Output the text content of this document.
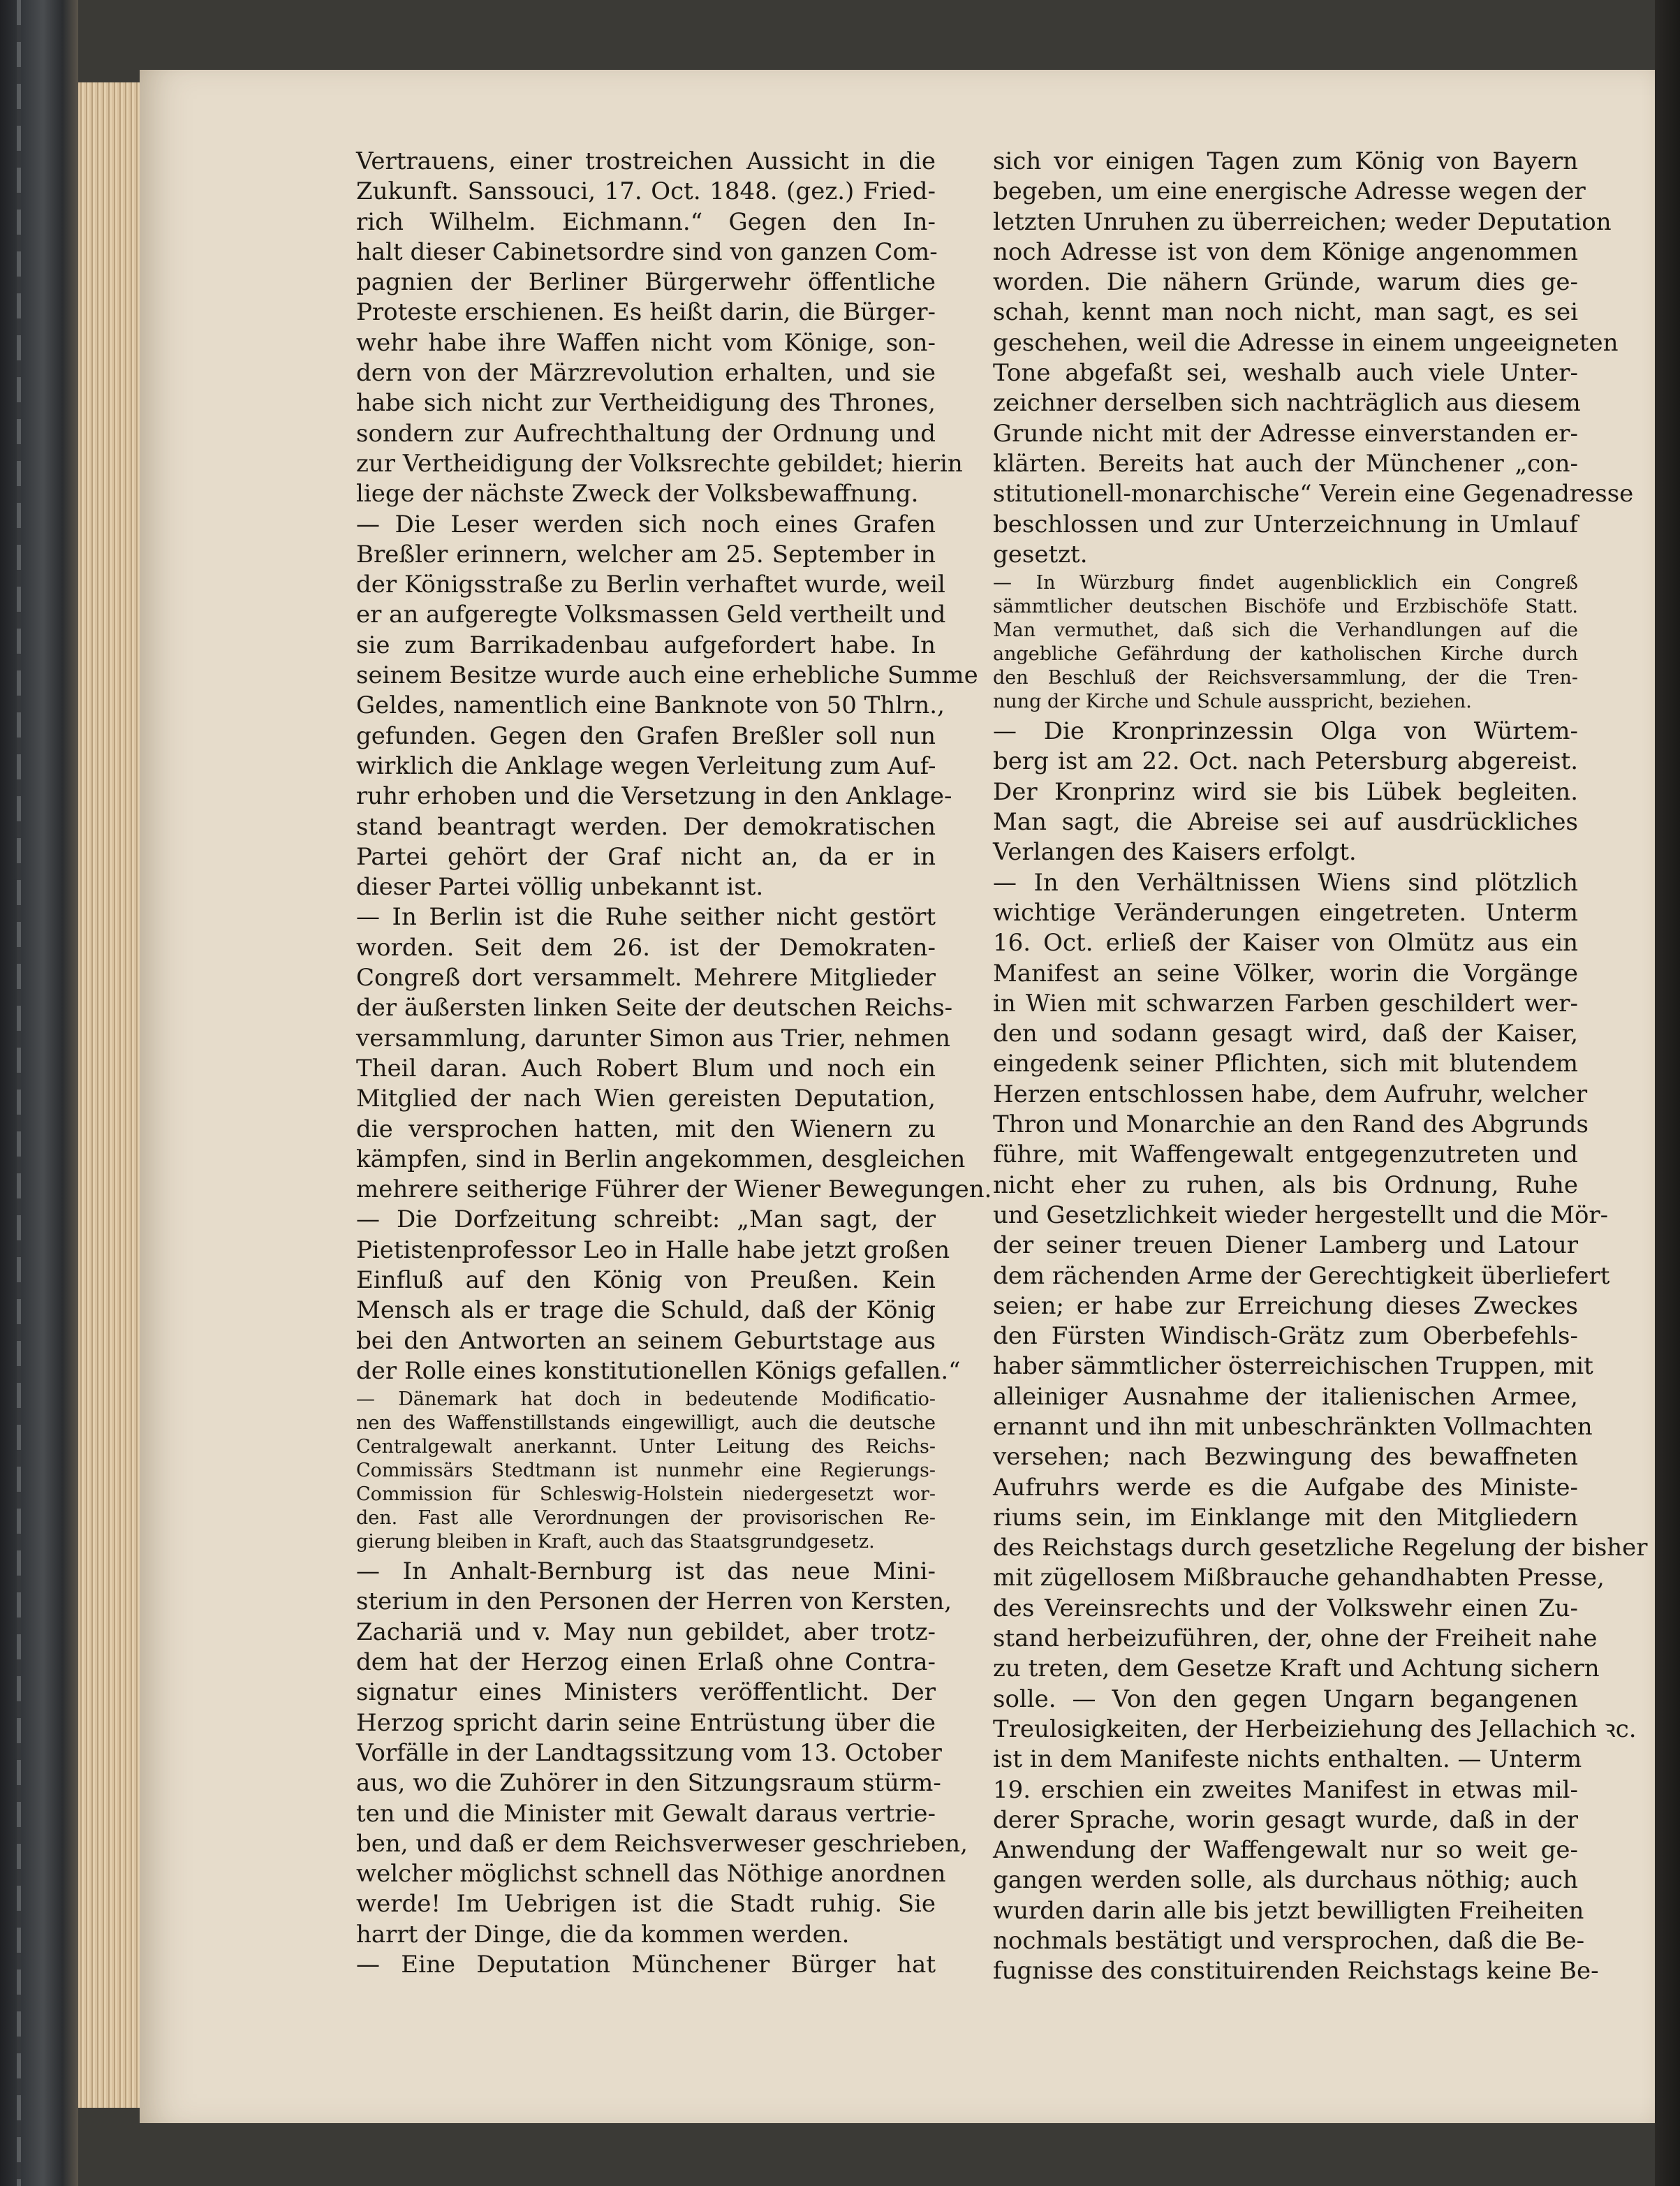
Vertrauens, einer trostreichen Aussicht in die
Zukunft. Sanssouci, 17. Oct. 1848. (gez.) Fried-
rich Wilhelm. Eichmann.“ Gegen den In-
halt dieser Cabinetsordre sind von ganzen Com-
pagnien der Berliner Bürgerwehr öffentliche
Proteste erschienen. Es heißt darin, die Bürger-
wehr habe ihre Waffen nicht vom Könige, son-
dern von der Märzrevolution erhalten, und sie
habe sich nicht zur Vertheidigung des Thrones,
sondern zur Aufrechthaltung der Ordnung und
zur Vertheidigung der Volksrechte gebildet; hierin
liege der nächste Zweck der Volksbewaffnung.
— Die Leser werden sich noch eines Grafen
Breßler erinnern, welcher am 25. September in
der Königsstraße zu Berlin verhaftet wurde, weil
er an aufgeregte Volksmassen Geld vertheilt und
sie zum Barrikadenbau aufgefordert habe. In
seinem Besitze wurde auch eine erhebliche Summe
Geldes, namentlich eine Banknote von 50 Thlrn.,
gefunden. Gegen den Grafen Breßler soll nun
wirklich die Anklage wegen Verleitung zum Auf-
ruhr erhoben und die Versetzung in den Anklage-
stand beantragt werden. Der demokratischen
Partei gehört der Graf nicht an, da er in
dieser Partei völlig unbekannt ist.
— In Berlin ist die Ruhe seither nicht gestört
worden. Seit dem 26. ist der Demokraten-
Congreß dort versammelt. Mehrere Mitglieder
der äußersten linken Seite der deutschen Reichs-
versammlung, darunter Simon aus Trier, nehmen
Theil daran. Auch Robert Blum und noch ein
Mitglied der nach Wien gereisten Deputation,
die versprochen hatten, mit den Wienern zu
kämpfen, sind in Berlin angekommen, desgleichen
mehrere seitherige Führer der Wiener Bewegungen.
— Die Dorfzeitung schreibt: „Man sagt, der
Pietistenprofessor Leo in Halle habe jetzt großen
Einfluß auf den König von Preußen. Kein
Mensch als er trage die Schuld, daß der König
bei den Antworten an seinem Geburtstage aus
der Rolle eines konstitutionellen Königs gefallen.“
— Dänemark hat doch in bedeutende Modificatio-
nen des Waffenstillstands eingewilligt, auch die deutsche
Centralgewalt anerkannt. Unter Leitung des Reichs-
Commissärs Stedtmann ist nunmehr eine Regierungs-
Commission für Schleswig-Holstein niedergesetzt wor-
den. Fast alle Verordnungen der provisorischen Re-
gierung bleiben in Kraft, auch das Staatsgrundgesetz.
— In Anhalt-Bernburg ist das neue Mini-
sterium in den Personen der Herren von Kersten,
Zachariä und v. May nun gebildet, aber trotz-
dem hat der Herzog einen Erlaß ohne Contra-
signatur eines Ministers veröffentlicht. Der
Herzog spricht darin seine Entrüstung über die
Vorfälle in der Landtagssitzung vom 13. October
aus, wo die Zuhörer in den Sitzungsraum stürm-
ten und die Minister mit Gewalt daraus vertrie-
ben, und daß er dem Reichsverweser geschrieben,
welcher möglichst schnell das Nöthige anordnen
werde! Im Uebrigen ist die Stadt ruhig. Sie
harrt der Dinge, die da kommen werden.
— Eine Deputation Münchener Bürger hat
sich vor einigen Tagen zum König von Bayern
begeben, um eine energische Adresse wegen der
letzten Unruhen zu überreichen; weder Deputation
noch Adresse ist von dem Könige angenommen
worden. Die nähern Gründe, warum dies ge-
schah, kennt man noch nicht, man sagt, es sei
geschehen, weil die Adresse in einem ungeeigneten
Tone abgefaßt sei, weshalb auch viele Unter-
zeichner derselben sich nachträglich aus diesem
Grunde nicht mit der Adresse einverstanden er-
klärten. Bereits hat auch der Münchener „con-
stitutionell-monarchische“ Verein eine Gegenadresse
beschlossen und zur Unterzeichnung in Umlauf
gesetzt.
— In Würzburg findet augenblicklich ein Congreß
sämmtlicher deutschen Bischöfe und Erzbischöfe Statt.
Man vermuthet, daß sich die Verhandlungen auf die
angebliche Gefährdung der katholischen Kirche durch
den Beschluß der Reichsversammlung, der die Tren-
nung der Kirche und Schule ausspricht, beziehen.
— Die Kronprinzessin Olga von Würtem-
berg ist am 22. Oct. nach Petersburg abgereist.
Der Kronprinz wird sie bis Lübek begleiten.
Man sagt, die Abreise sei auf ausdrückliches
Verlangen des Kaisers erfolgt.
— In den Verhältnissen Wiens sind plötzlich
wichtige Veränderungen eingetreten. Unterm
16. Oct. erließ der Kaiser von Olmütz aus ein
Manifest an seine Völker, worin die Vorgänge
in Wien mit schwarzen Farben geschildert wer-
den und sodann gesagt wird, daß der Kaiser,
eingedenk seiner Pflichten, sich mit blutendem
Herzen entschlossen habe, dem Aufruhr, welcher
Thron und Monarchie an den Rand des Abgrunds
führe, mit Waffengewalt entgegenzutreten und
nicht eher zu ruhen, als bis Ordnung, Ruhe
und Gesetzlichkeit wieder hergestellt und die Mör-
der seiner treuen Diener Lamberg und Latour
dem rächenden Arme der Gerechtigkeit überliefert
seien; er habe zur Erreichung dieses Zweckes
den Fürsten Windisch-Grätz zum Oberbefehls-
haber sämmtlicher österreichischen Truppen, mit
alleiniger Ausnahme der italienischen Armee,
ernannt und ihn mit unbeschränkten Vollmachten
versehen; nach Bezwingung des bewaffneten
Aufruhrs werde es die Aufgabe des Ministe-
riums sein, im Einklange mit den Mitgliedern
des Reichstags durch gesetzliche Regelung der bisher
mit zügellosem Mißbrauche gehandhabten Presse,
des Vereinsrechts und der Volkswehr einen Zu-
stand herbeizuführen, der, ohne der Freiheit nahe
zu treten, dem Gesetze Kraft und Achtung sichern
solle. — Von den gegen Ungarn begangenen
Treulosigkeiten, der Herbeiziehung des Jellachich ꝛc.
ist in dem Manifeste nichts enthalten. — Unterm
19. erschien ein zweites Manifest in etwas mil-
derer Sprache, worin gesagt wurde, daß in der
Anwendung der Waffengewalt nur so weit ge-
gangen werden solle, als durchaus nöthig; auch
wurden darin alle bis jetzt bewilligten Freiheiten
nochmals bestätigt und versprochen, daß die Be-
fugnisse des constituirenden Reichstags keine Be-
